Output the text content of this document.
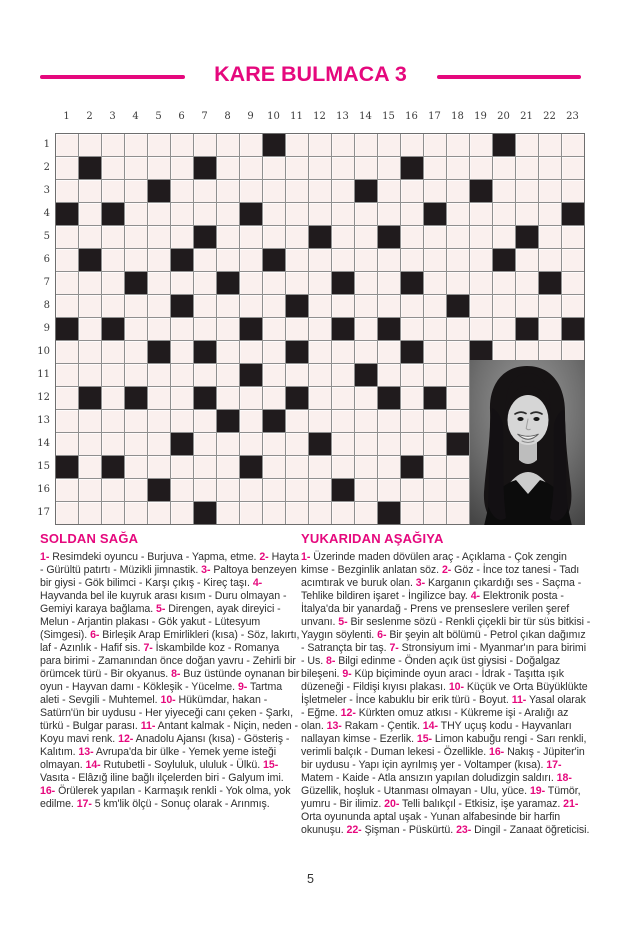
KARE BULMACA 3
1	2	3	4	5	6	7	8	9	10	11	12	13	14	15	16	17	18	19	20	21	22	23
1
2
3
4
5
6
7
8
9
10
11
12
13
14
15
16
17
SOLDAN SAĞA
1- Resimdeki oyuncu - Burjuva - Yapma, etme. 2- Hayta - Gürültü patırtı - Müzikli jimnastik. 3- Paltoya benzeyen bir giysi - Gök bilimci - Karşı çıkış - Kireç taşı. 4- Hayvanda bel ile kuyruk arası kısım - Duru olmayan - Gemiyi karaya bağlama. 5- Direngen, ayak direyici - Melun - Arjantin plakası - Gök yakut - Lütesyum (Simgesi). 6- Birleşik Arap Emirlikleri (kısa) - Söz, lakırtı, laf - Azınlık - Hafif sis. 7- İskambilde koz - Romanya para birimi - Zamanından önce doğan yavru - Zehirli bir örümcek türü - Bir okyanus. 8- Buz üstünde oynanan bir oyun - Hayvan damı - Kökleşik - Yücelme. 9- Tartma aleti - Sevgili - Muhtemel. 10- Hükümdar, hakan - Satürn'ün bir uydusu - Her yiyeceği canı çeken - Şarkı, türkü - Bulgar parası. 11- Antant kalmak - Niçin, neden - Koyu mavi renk. 12- Anadolu Ajansı (kısa) - Gösteriş - Kalıtım. 13- Avrupa'da bir ülke - Yemek yeme isteği olmayan. 14- Rutubetli - Soyluluk, ululuk - Ülkü. 15- Vasıta - Elâzığ iline bağlı ilçelerden biri - Galyum imi. 16- Örülerek yapılan - Karmaşık renkli - Yok olma, yok edilme. 17- 5 km'lik ölçü - Sonuç olarak - Arınmış.
YUKARIDAN AŞAĞIYA
1- Üzerinde maden dövülen araç - Açıklama - Çok zengin kimse - Bezginlik anlatan söz. 2- Göz - İnce toz tanesi - Tadı acımtırak ve buruk olan. 3- Karganın çıkardığı ses - Saçma - Tehlike bildiren işaret - İngilizce bay. 4- Elektronik posta - İtalya'da bir yanardağ - Prens ve prenseslere verilen şeref unvanı. 5- Bir seslenme sözü - Renkli çiçekli bir tür süs bitkisi - Yaygın söylenti. 6- Bir şeyin alt bölümü - Petrol çıkan dağımız - Satrançta bir taş. 7- Stronsiyum imi - Myanmar'ın para birimi - Us. 8- Bilgi edinme - Önden açık üst giysisi - Doğalgaz bileşeni. 9- Küp biçiminde oyun aracı - İdrak - Taşıtta ışık düzeneği - Fildişi kıyısı plakası. 10- Küçük ve Orta Büyüklükte İşletmeler - İnce kabuklu bir erik türü - Boyut. 11- Yasal olarak - Eğme. 12- Kürkten omuz atkısı - Kükreme işi - Aralığı az olan. 13- Rakam - Çentik. 14- THY uçuş kodu - Hayvanları nallayan kimse - Ezerlik. 15- Limon kabuğu rengi - Sarı renkli, verimli balçık - Duman lekesi - Özellikle. 16- Nakış - Jüpiter'in bir uydusu - Yapı için ayrılmış yer - Voltamper (kısa). 17- Matem - Kaide - Atla ansızın yapılan doludizgin saldırı. 18- Güzellik, hoşluk - Utanması olmayan - Ulu, yüce. 19- Tümör, yumru - Bir ilimiz. 20- Telli balıkçıl - Etkisiz, işe yaramaz. 21- Orta oyununda aptal uşak - Yunan alfabesinde bir harfin okunuşu. 22- Şişman - Püskürtü. 23- Dingil - Zanaat öğreticisi.
5
